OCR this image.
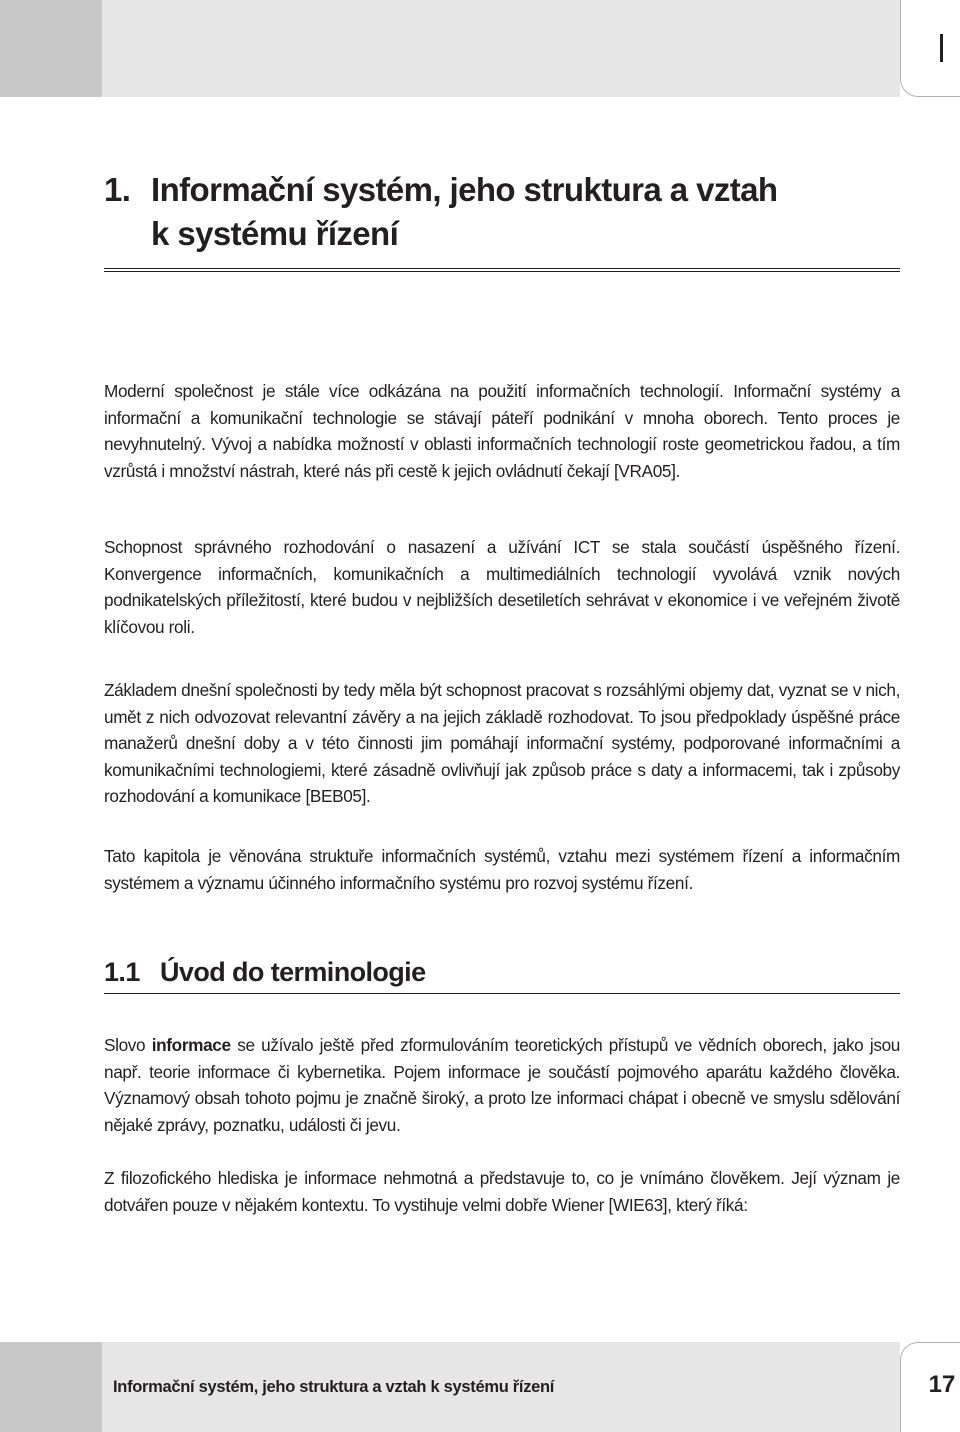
1. Informační systém, jeho struktura a vztah
k systému řízení

Moderní společnost je stále více odkázána na použití informačních technologií. Informační systémy a informační a komunikační technologie se stávají páteří podnikání v mnoha oborech. Tento proces je nevyhnutelný. Vývoj a nabídka možností v oblasti informačních technologií roste geometrickou řadou, a tím vzrůstá i množství nástrah, které nás při cestě k jejich ovládnutí čekají [VRA05].

Schopnost správného rozhodování o nasazení a užívání ICT se stala součástí úspěšného řízení. Konvergence informačních, komunikačních a multimediálních technologií vyvolává vznik nových podnikatelských příležitostí, které budou v nejbližších desetiletích sehrávat v ekonomice i ve veřejném životě klíčovou roli.

Základem dnešní společnosti by tedy měla být schopnost pracovat s rozsáhlými objemy dat, vyznat se v nich, umět z nich odvozovat relevantní závěry a na jejich základě rozhodovat. To jsou předpoklady úspěšné práce manažerů dnešní doby a v této činnosti jim pomáhají informační systémy, podporované informačními a komunikačními technologiemi, které zásadně ovlivňují jak způsob práce s daty a informacemi, tak i způsoby rozhodování a komunikace [BEB05].

Tato kapitola je věnována struktuře informačních systémů, vztahu mezi systémem řízení a informačním systémem a významu účinného informačního systému pro rozvoj systému řízení.

1.1 Úvod do terminologie

Slovo informace se užívalo ještě před zformulováním teoretických přístupů ve vědních oborech, jako jsou např. teorie informace či kybernetika. Pojem informace je součástí pojmového aparátu každého člověka. Významový obsah tohoto pojmu je značně široký, a proto lze informaci chápat i obecně ve smyslu sdělování nějaké zprávy, poznatku, události či jevu.

Z filozofického hlediska je informace nehmotná a představuje to, co je vnímáno člověkem. Její význam je dotvářen pouze v nějakém kontextu. To vystihuje velmi dobře Wiener [WIE63], který říká:

Informační systém, jeho struktura a vztah k systému řízení	17
